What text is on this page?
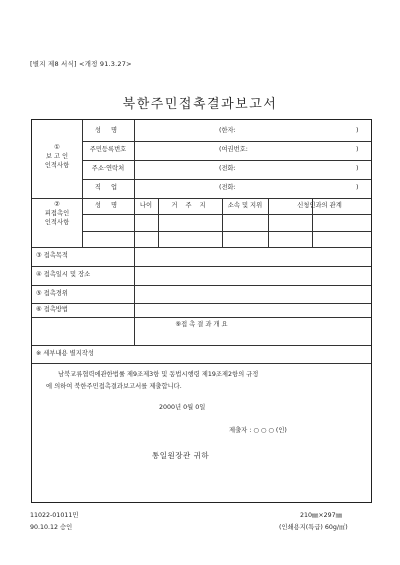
[별지 제8 서식] <개정 91.3.27>
북한주민접촉결과보고서
①
보 고 인
인적사항
성 명	(한자:	)
주민등록번호	(여권번호:	)
주소·연락처	(전화:	)
직 업	(전화:	)
②
피접촉인
인적사항
성 명	나이	거 주 지	소속 및 지위	신청인과의 관계
③ 접촉목적
④ 접촉일시 및 장소
⑤ 접촉경위
⑥ 접촉방법
⑨접 촉 결 과 개 요
※ 세부내용 별지작성
남북교류협력에관한법률 제9조제3항 및 동법시행령 제19조제2항의 규정
에 의하여 북한주민접촉결과보고서를 제출합니다.
2000년 0월 0일
제출자 : ○ ○ ○ (인)
통일원장관 귀하
11022-01011민	210㎜×297㎜
90.10.12 승인	(인쇄용지(특급) 60g/㎡)
